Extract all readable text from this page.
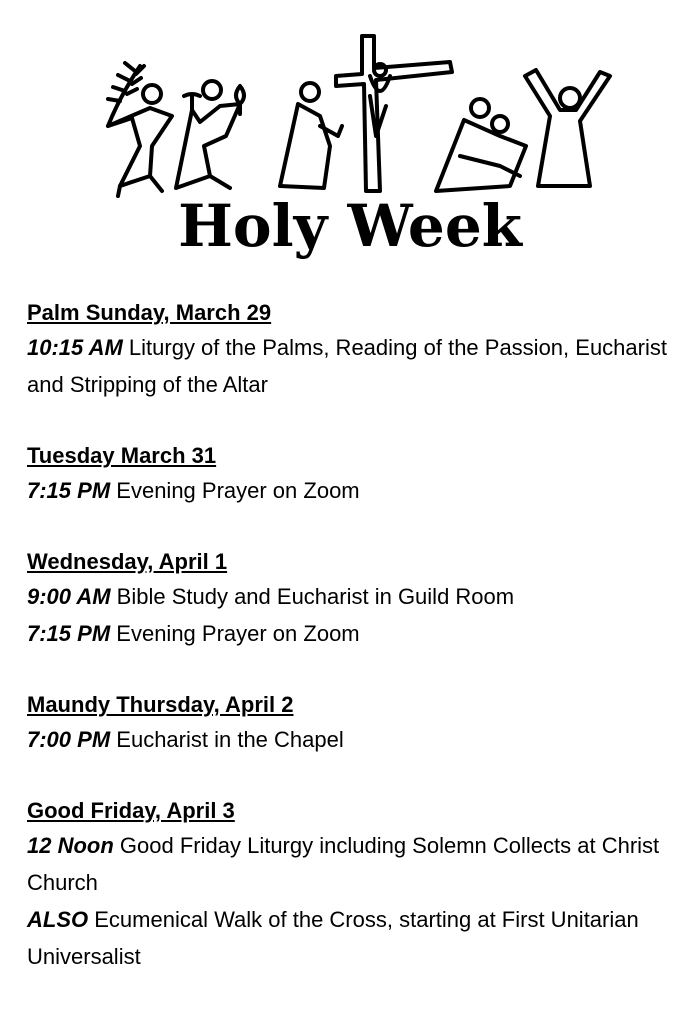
Holy Week

Palm Sunday, March 29

10:15 AM Liturgy of the Palms, Reading of the Passion, Eucharist and Stripping of the Altar

Tuesday March 31

7:15 PM Evening Prayer on Zoom

Wednesday, April 1

9:00 AM Bible Study and Eucharist in Guild Room

7:15 PM Evening Prayer on Zoom

Maundy Thursday, April 2

7:00 PM Eucharist in the Chapel

Good Friday, April 3

12 Noon Good Friday Liturgy including Solemn Collects at Christ Church

ALSO Ecumenical Walk of the Cross, starting at First Unitarian Universalist
